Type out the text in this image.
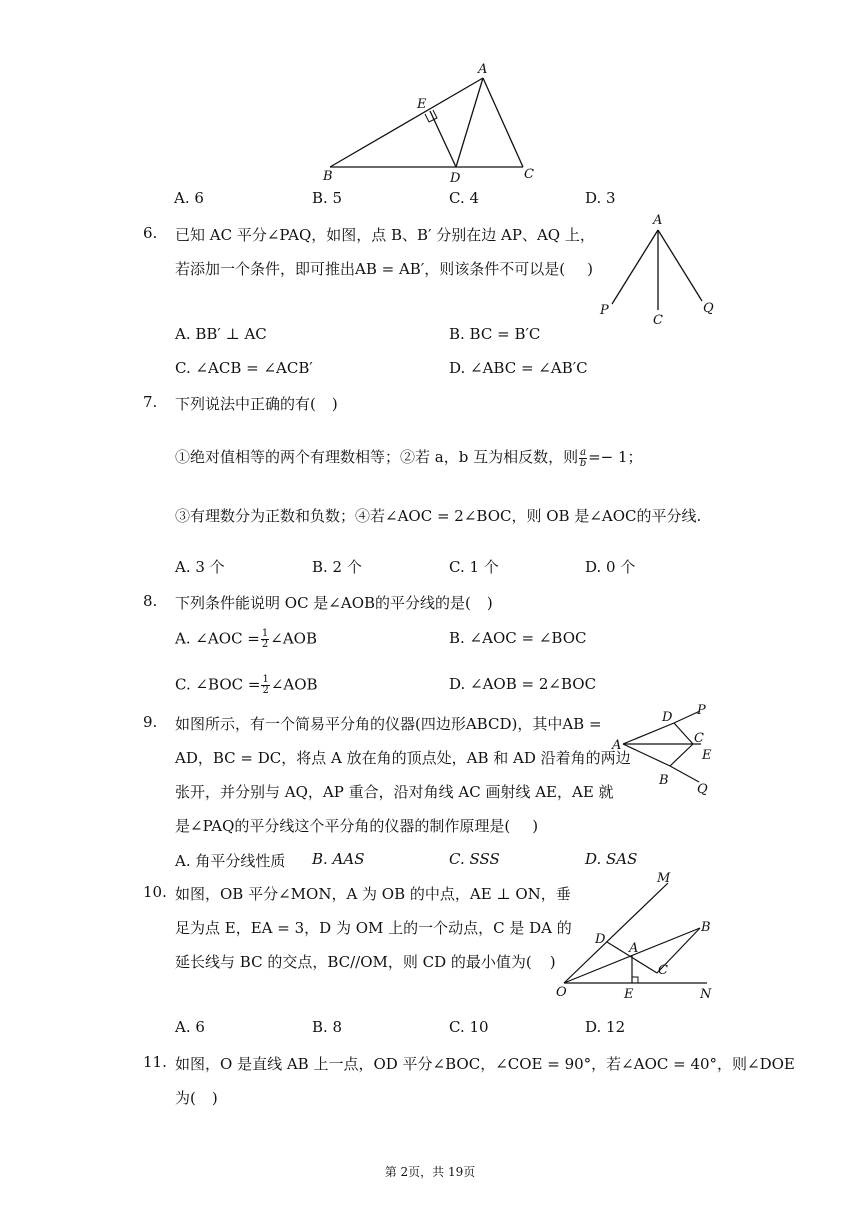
A
E
B	D	C
A. 6	B. 5	C. 4	D. 3
6. 已知 AC 平分∠PAQ，如图，点 B、B′ 分别在边 AP、AQ 上，
若添加一个条件，即可推出AB = AB′，则该条件不可以是( )
A
P
C
Q
A. BB′ ⊥ AC	B. BC = B′C
C. ∠ACB = ∠ACB′	D. ∠ABC = ∠AB′C
7. 下列说法中正确的有( )
①绝对值相等的两个有理数相等；②若 a，b 互为相反数，则 $\frac{a}{b} =- 1$；
③有理数分为正数和负数；④若∠AOC = 2∠BOC，则 OB 是∠AOC的平分线.
A. 3 个	B. 2 个	C. 1 个	D. 0 个
8. 下列条件能说明 OC 是∠AOB的平分线的是( )
A. ∠AOC = $\frac{1}{2}$ ∠AOB	B. ∠AOC = ∠BOC
C. ∠BOC = $\frac{1}{2}$ ∠AOB	D. ∠AOB = 2∠BOC
9. 如图所示，有一个简易平分角的仪器(四边形ABCD)，其中AB =
AD，BC = DC，将点 A 放在角的顶点处，AB 和 AD 沿着角的两边
张开，并分别与 AQ，AP 重合，沿对角线 AC 画射线 AE，AE 就
是∠PAQ的平分线这个平分角的仪器的制作原理是( )
D P
A	C
E
B
Q
A. 角平分线性质 B. AAS	C. SSS	D. SAS
10. 如图，OB 平分∠MON，A 为 OB 的中点，AE ⊥ ON，垂
足为点 E，EA = 3，D 为 OM 上的一个动点，C 是 DA 的
延长线与 BC 的交点，BC//OM，则 CD 的最小值为( )
M
B
D
A
C
O	E	N
A. 6	B. 8	C. 10	D. 12
11. 如图，O 是直线 AB 上一点，OD 平分∠BOC，∠COE = 90°，若∠AOC = 40°，则∠DOE
为( )
第 2页，共 19页
